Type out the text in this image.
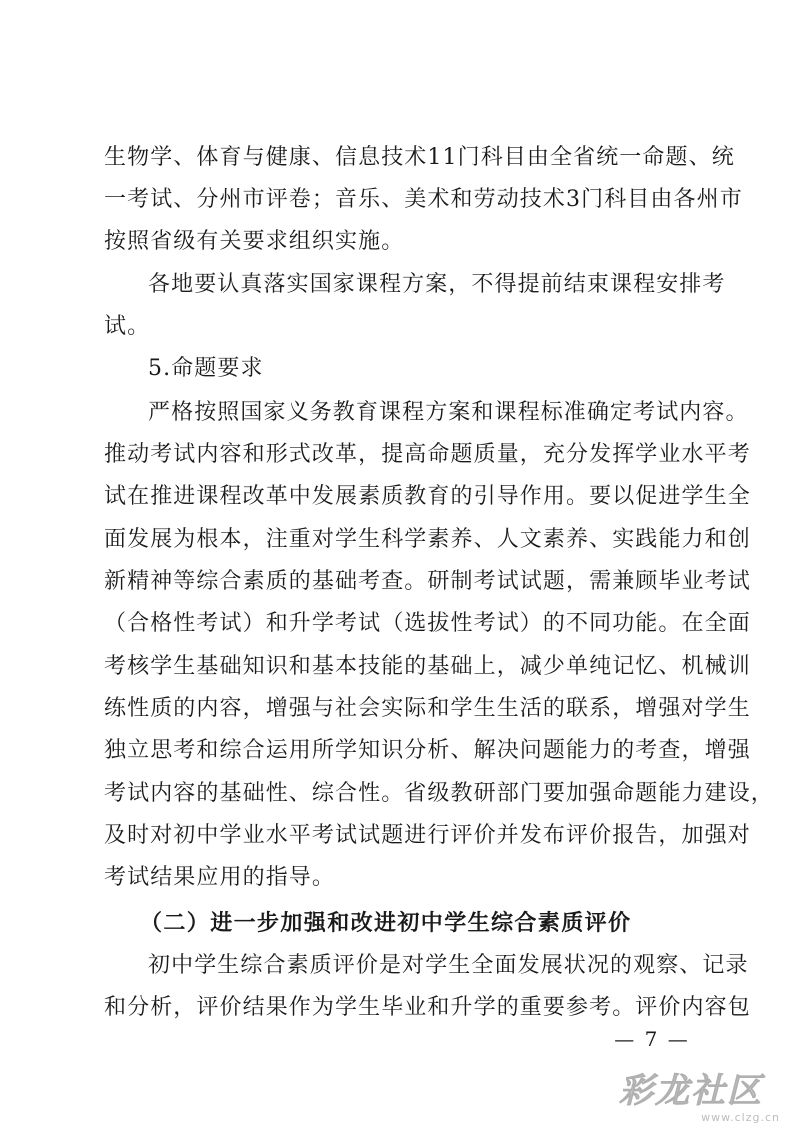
生物学、体育与健康、信息技术11门科目由全省统一命题、统
一考试、分州市评卷；音乐、美术和劳动技术3门科目由各州市
按照省级有关要求组织实施。
各地要认真落实国家课程方案，不得提前结束课程安排考
试。
5.命题要求
严格按照国家义务教育课程方案和课程标准确定考试内容。
推动考试内容和形式改革，提高命题质量，充分发挥学业水平考
试在推进课程改革中发展素质教育的引导作用。要以促进学生全
面发展为根本，注重对学生科学素养、人文素养、实践能力和创
新精神等综合素质的基础考查。研制考试试题，需兼顾毕业考试
（合格性考试）和升学考试（选拔性考试）的不同功能。在全面
考核学生基础知识和基本技能的基础上，减少单纯记忆、机械训
练性质的内容，增强与社会实际和学生生活的联系，增强对学生
独立思考和综合运用所学知识分析、解决问题能力的考查，增强
考试内容的基础性、综合性。省级教研部门要加强命题能力建设，
及时对初中学业水平考试试题进行评价并发布评价报告，加强对
考试结果应用的指导。
（二）进一步加强和改进初中学生综合素质评价
初中学生综合素质评价是对学生全面发展状况的观察、记录
和分析，评价结果作为学生毕业和升学的重要参考。评价内容包
— 7 —
彩龙社区
www.clzg.cn
